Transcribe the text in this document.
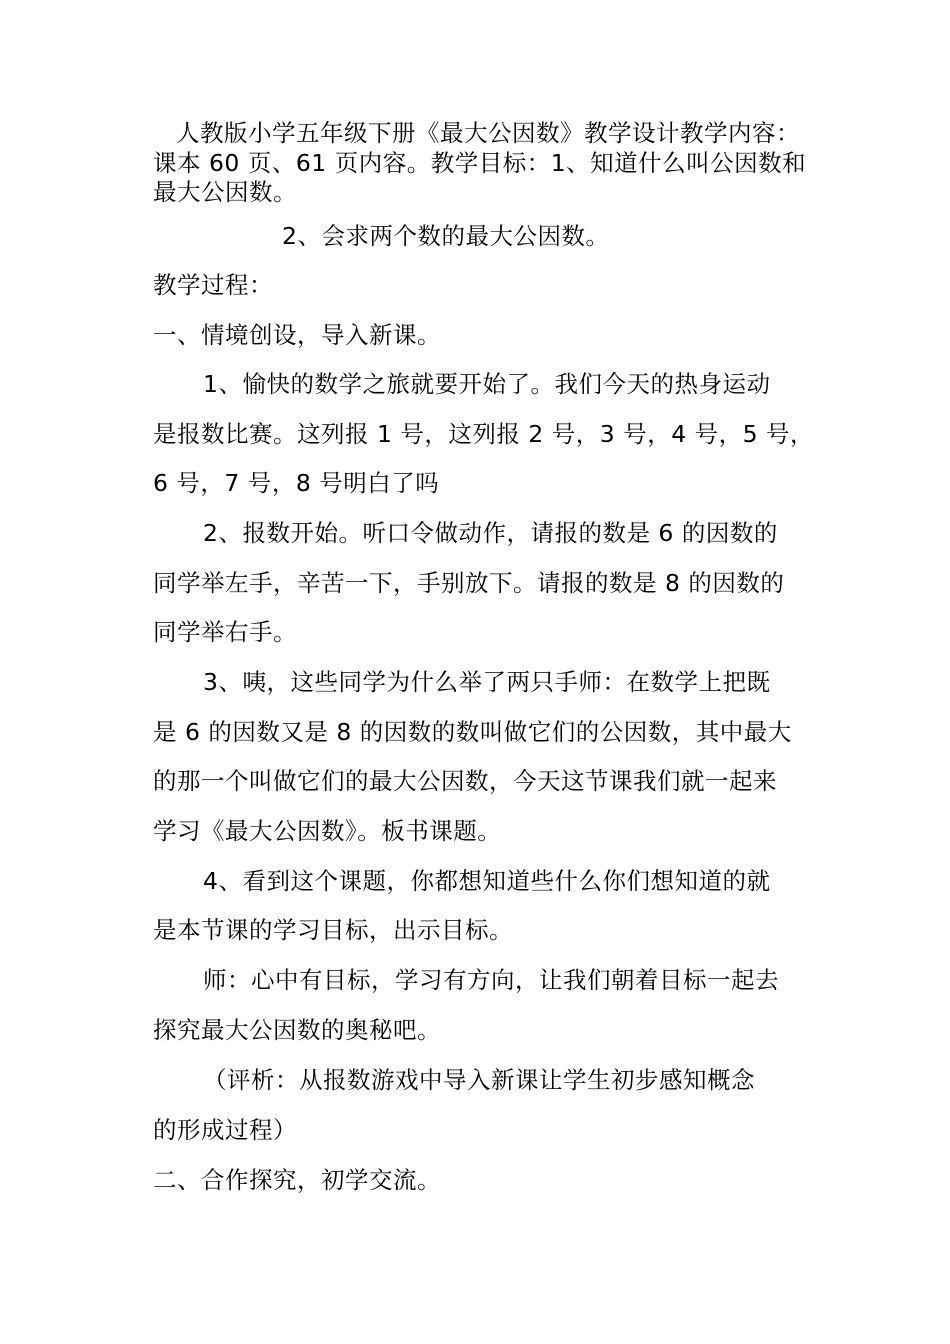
人教版小学五年级下册《最大公因数》教学设计教学内容：
课本 60 页、61 页内容。教学目标：1、知道什么叫公因数和
最大公因数。
2、会求两个数的最大公因数。
教学过程：
一、情境创设，导入新课。
1、愉快的数学之旅就要开始了。我们今天的热身运动
是报数比赛。这列报 1 号，这列报 2 号，3 号，4 号，5 号，
6 号，7 号，8 号明白了吗
2、报数开始。听口令做动作，请报的数是 6 的因数的
同学举左手，辛苦一下，手别放下。请报的数是 8 的因数的
同学举右手。
3、咦，这些同学为什么举了两只手师：在数学上把既
是 6 的因数又是 8 的因数的数叫做它们的公因数，其中最大
的那一个叫做它们的最大公因数，今天这节课我们就一起来
学习《最大公因数》。板书课题。
4、看到这个课题，你都想知道些什么你们想知道的就
是本节课的学习目标，出示目标。
师：心中有目标，学习有方向，让我们朝着目标一起去
探究最大公因数的奥秘吧。
（评析：从报数游戏中导入新课让学生初步感知概念
的形成过程）
二、合作探究，初学交流。
